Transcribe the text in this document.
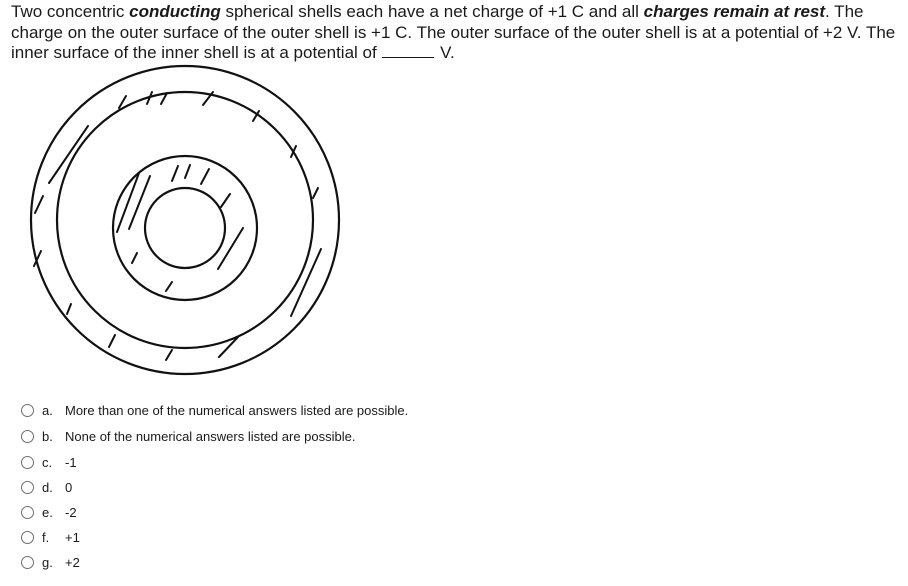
Two concentric conducting spherical shells each have a net charge of +1 C and all charges remain at rest. The charge on the outer surface of the outer shell is +1 C. The outer surface of the outer shell is at a potential of +2 V. The inner surface of the inner shell is at a potential of	V.
a. More than one of the numerical answers listed are possible.
b. None of the numerical answers listed are possible.
c. -1
d. 0
e. -2
f. +1
g. +2
